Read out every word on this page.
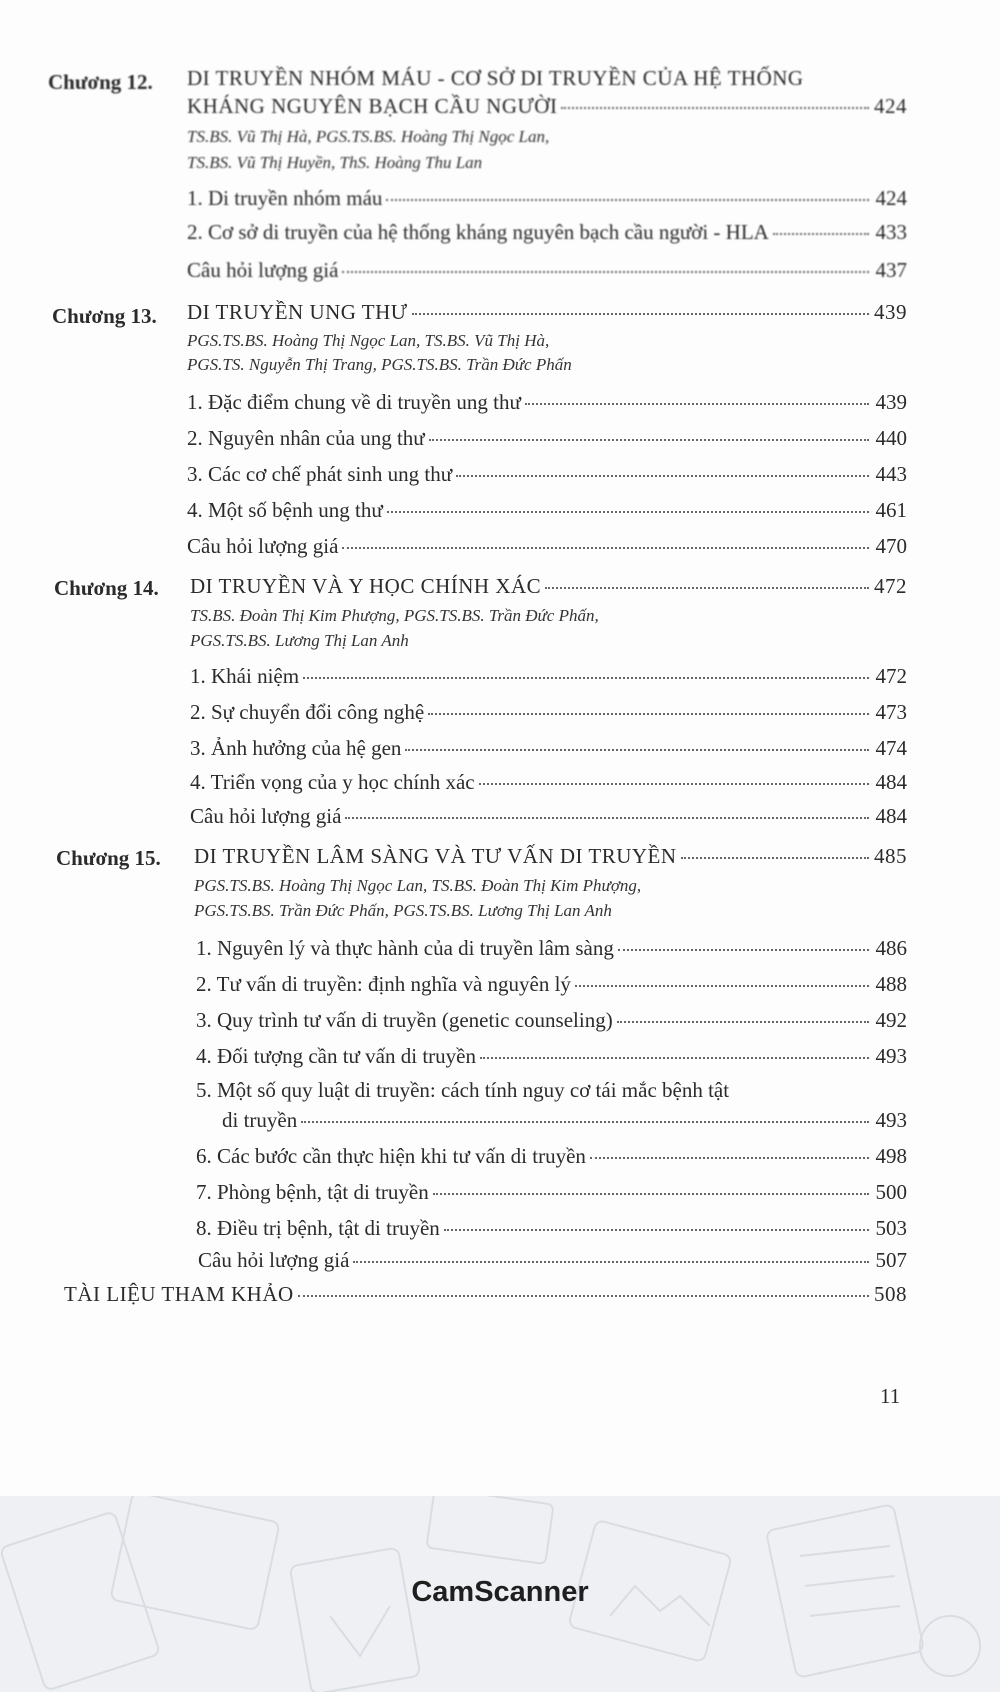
Chương 12. DI TRUYỀN NHÓM MÁU - CƠ SỞ DI TRUYỀN CỦA HỆ THỐNG
KHÁNG NGUYÊN BẠCH CẦU NGƯỜI	424
TS.BS. Vũ Thị Hà, PGS.TS.BS. Hoàng Thị Ngọc Lan,
TS.BS. Vũ Thị Huyền, ThS. Hoàng Thu Lan
1. Di truyền nhóm máu	424
2. Cơ sở di truyền của hệ thống kháng nguyên bạch cầu người - HLA	433
Câu hỏi lượng giá	437
Chương 13. DI TRUYỀN UNG THƯ	439
PGS.TS.BS. Hoàng Thị Ngọc Lan, TS.BS. Vũ Thị Hà,
PGS.TS. Nguyễn Thị Trang, PGS.TS.BS. Trần Đức Phấn
1. Đặc điểm chung về di truyền ung thư	439
2. Nguyên nhân của ung thư	440
3. Các cơ chế phát sinh ung thư	443
4. Một số bệnh ung thư	461
Câu hỏi lượng giá	470
Chương 14. DI TRUYỀN VÀ Y HỌC CHÍNH XÁC	472
TS.BS. Đoàn Thị Kim Phượng, PGS.TS.BS. Trần Đức Phấn,
PGS.TS.BS. Lương Thị Lan Anh
1. Khái niệm	472
2. Sự chuyển đổi công nghệ	473
3. Ảnh hưởng của hệ gen	474
4. Triển vọng của y học chính xác	484
Câu hỏi lượng giá	484
Chương 15. DI TRUYỀN LÂM SÀNG VÀ TƯ VẤN DI TRUYỀN	485
PGS.TS.BS. Hoàng Thị Ngọc Lan, TS.BS. Đoàn Thị Kim Phượng,
PGS.TS.BS. Trần Đức Phấn, PGS.TS.BS. Lương Thị Lan Anh
1. Nguyên lý và thực hành của di truyền lâm sàng	486
2. Tư vấn di truyền: định nghĩa và nguyên lý	488
3. Quy trình tư vấn di truyền (genetic counseling)	492
4. Đối tượng cần tư vấn di truyền	493
5. Một số quy luật di truyền: cách tính nguy cơ tái mắc bệnh tật
di truyền	493
6. Các bước cần thực hiện khi tư vấn di truyền	498
7. Phòng bệnh, tật di truyền	500
8. Điều trị bệnh, tật di truyền	503
Câu hỏi lượng giá	507
TÀI LIỆU THAM KHẢO	508
11
CamScanner
